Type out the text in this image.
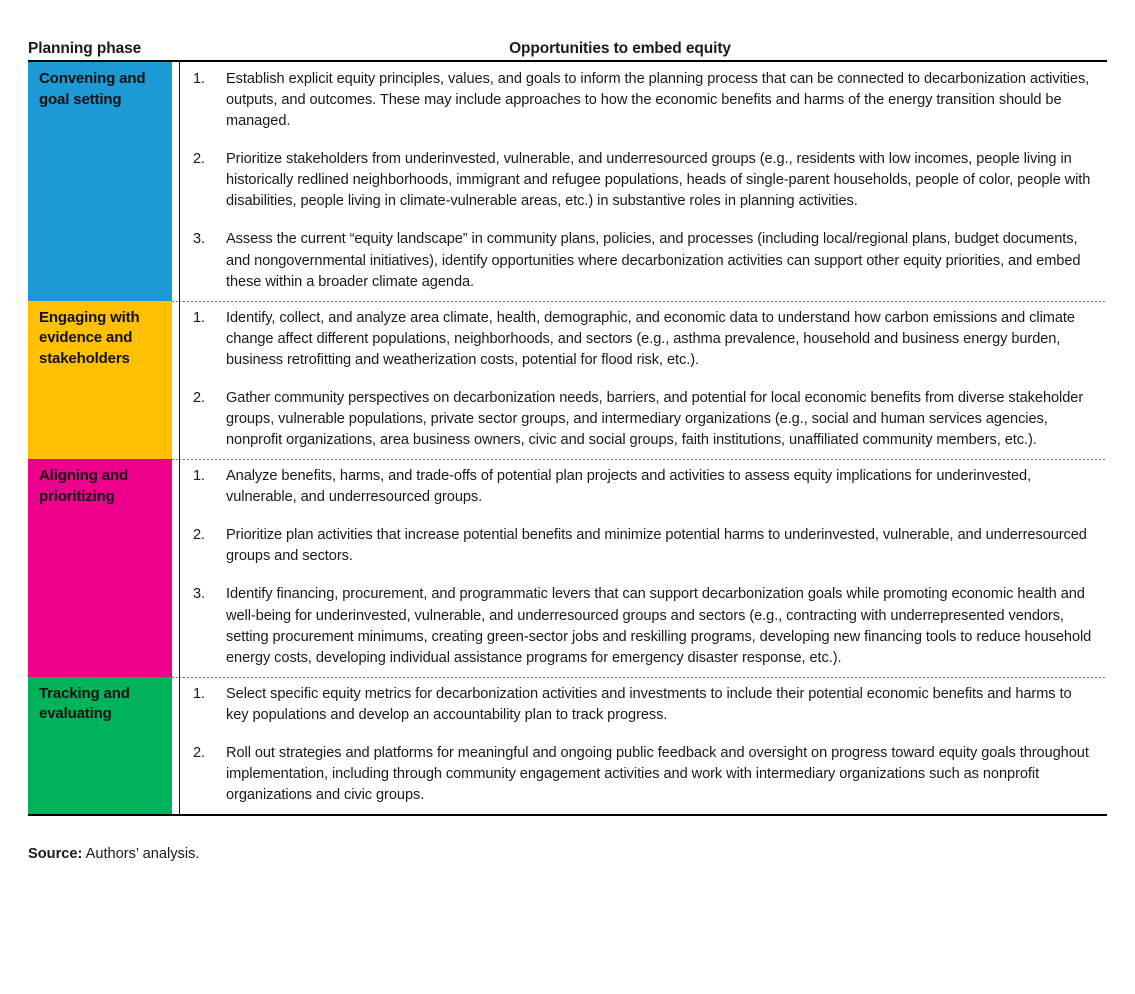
Planning phase	Opportunities to embed equity
Convening and goal setting
1.	Establish explicit equity principles, values, and goals to inform the planning process that can be connected to decarbonization activities, outputs, and outcomes. These may include approaches to how the economic benefits and harms of the energy transition should be managed.
2.	Prioritize stakeholders from underinvested, vulnerable, and underresourced groups (e.g., residents with low incomes, people living in historically redlined neighborhoods, immigrant and refugee populations, heads of single-parent households, people of color, people with disabilities, people living in climate-vulnerable areas, etc.) in substantive roles in planning activities.
3.	Assess the current “equity landscape” in community plans, policies, and processes (including local/regional plans, budget documents, and nongovernmental initiatives), identify opportunities where decarbonization activities can support other equity priorities, and embed these within a broader climate agenda.
Engaging with evidence and stakeholders
1.	Identify, collect, and analyze area climate, health, demographic, and economic data to understand how carbon emissions and climate change affect different populations, neighborhoods, and sectors (e.g., asthma prevalence, household and business energy burden, business retrofitting and weatherization costs, potential for flood risk, etc.).
2.	Gather community perspectives on decarbonization needs, barriers, and potential for local economic benefits from diverse stakeholder groups, vulnerable populations, private sector groups, and intermediary organizations (e.g., social and human services agencies, nonprofit organizations, area business owners, civic and social groups, faith institutions, unaffiliated community members, etc.).
Aligning and prioritizing
1.	Analyze benefits, harms, and trade-offs of potential plan projects and activities to assess equity implications for underinvested, vulnerable, and underresourced groups.
2.	Prioritize plan activities that increase potential benefits and minimize potential harms to underinvested, vulnerable, and underresourced groups and sectors.
3.	Identify financing, procurement, and programmatic levers that can support decarbonization goals while promoting economic health and well-being for underinvested, vulnerable, and underresourced groups and sectors (e.g., contracting with underrepresented vendors, setting procurement minimums, creating green-sector jobs and reskilling programs, developing new financing tools to reduce household energy costs, developing individual assistance programs for emergency disaster response, etc.).
Tracking and evaluating
1.	Select specific equity metrics for decarbonization activities and investments to include their potential economic benefits and harms to key populations and develop an accountability plan to track progress.
2.	Roll out strategies and platforms for meaningful and ongoing public feedback and oversight on progress toward equity goals throughout implementation, including through community engagement activities and work with intermediary organizations such as nonprofit organizations and civic groups.
Source: Authors’ analysis.
